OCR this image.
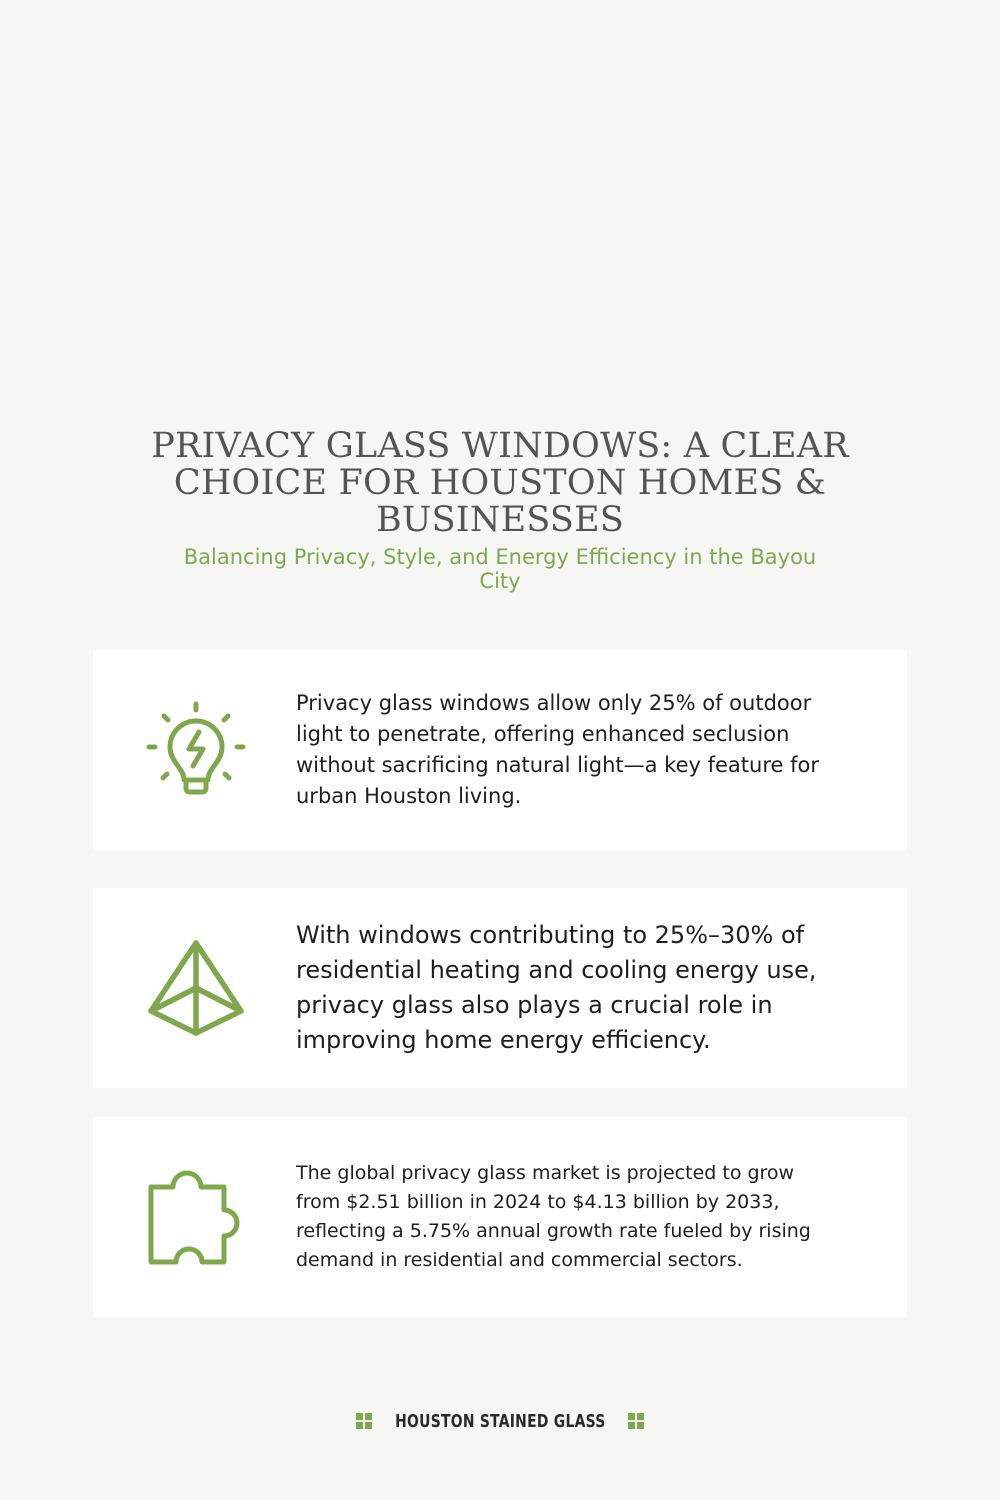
PRIVACY GLASS WINDOWS: A CLEAR CHOICE FOR HOUSTON HOMES & BUSINESSES

Balancing Privacy, Style, and Energy Efficiency in the Bayou City

Privacy glass windows allow only 25% of outdoor light to penetrate, offering enhanced seclusion without sacrificing natural light—a key feature for urban Houston living.

With windows contributing to 25%–30% of residential heating and cooling energy use, privacy glass also plays a crucial role in improving home energy efficiency.

The global privacy glass market is projected to grow from $2.51 billion in 2024 to $4.13 billion by 2033, reflecting a 5.75% annual growth rate fueled by rising demand in residential and commercial sectors.

HOUSTON STAINED GLASS
